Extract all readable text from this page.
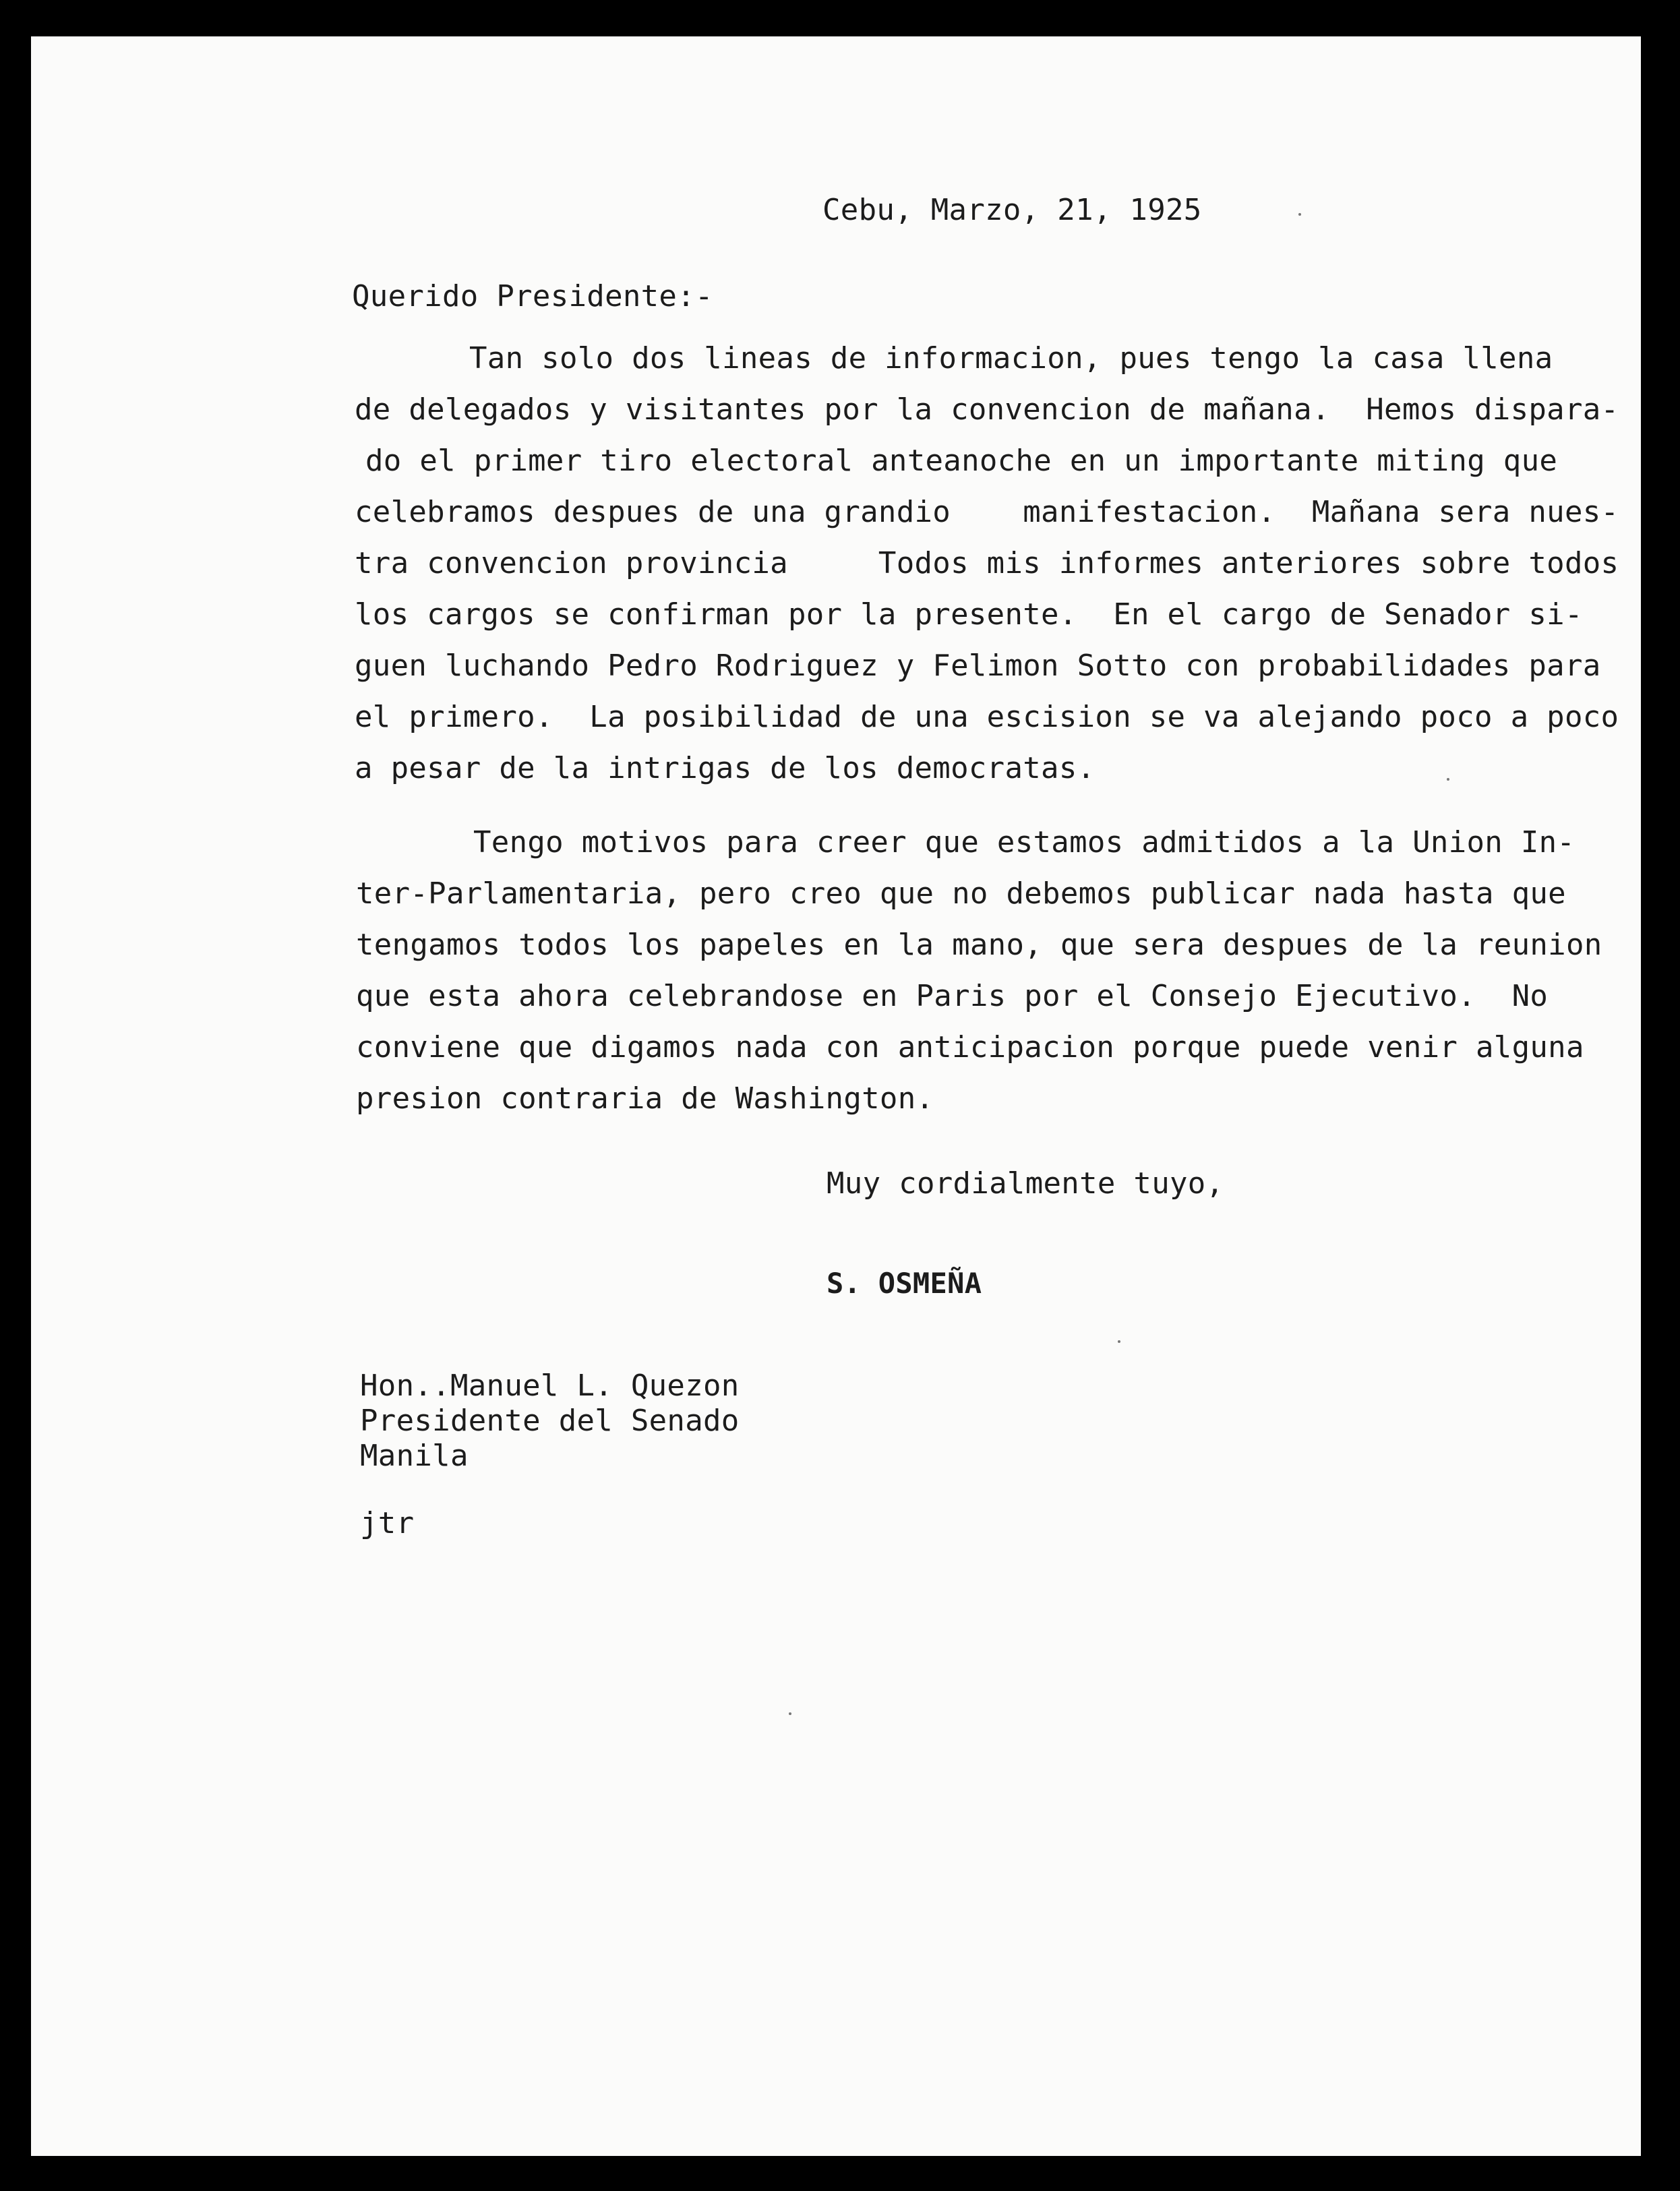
Cebu, Marzo, 21, 1925
Querido Presidente:-
Tan solo dos lineas de informacion, pues tengo la casa llena
de delegados y visitantes por la convencion de mañana.  Hemos dispara-
do el primer tiro electoral anteanoche en un importante miting que
celebramos despues de una grandio    manifestacion.  Mañana sera nues-
tra convencion provincia     Todos mis informes anteriores sobre todos
los cargos se confirman por la presente.  En el cargo de Senador si-
guen luchando Pedro Rodriguez y Felimon Sotto con probabilidades para
el primero.  La posibilidad de una escision se va alejando poco a poco
a pesar de la intrigas de los democratas.
Tengo motivos para creer que estamos admitidos a la Union In-
ter-Parlamentaria, pero creo que no debemos publicar nada hasta que
tengamos todos los papeles en la mano, que sera despues de la reunion
que esta ahora celebrandose en Paris por el Consejo Ejecutivo.  No
conviene que digamos nada con anticipacion porque puede venir alguna
presion contraria de Washington.
Muy cordialmente tuyo,
S. OSMEÑA
Hon..Manuel L. Quezon
Presidente del Senado
Manila
jtr
